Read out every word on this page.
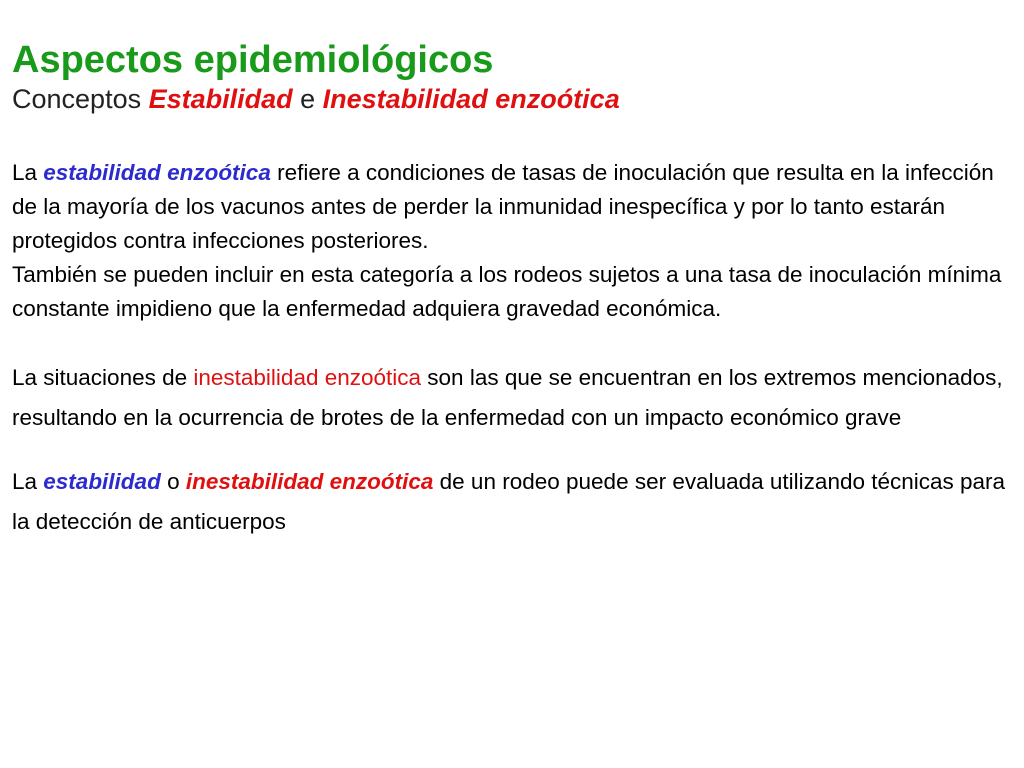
Aspectos epidemiológicos

Conceptos Estabilidad e Inestabilidad enzoótica

La estabilidad enzoótica refiere a condiciones de tasas de inoculación que resulta en la infección de la mayoría de los vacunos antes de perder la inmunidad inespecífica y por lo tanto estarán protegidos contra infecciones posteriores.

También se pueden incluir en esta categoría a los rodeos sujetos a una tasa de inoculación mínima constante impidieno que la enfermedad adquiera gravedad económica.

La situaciones de inestabilidad enzoótica son las que se encuentran en los extremos mencionados, resultando en la ocurrencia de brotes de la enfermedad con un impacto económico grave

La estabilidad o inestabilidad enzoótica de un rodeo puede ser evaluada utilizando técnicas para la detección de anticuerpos
